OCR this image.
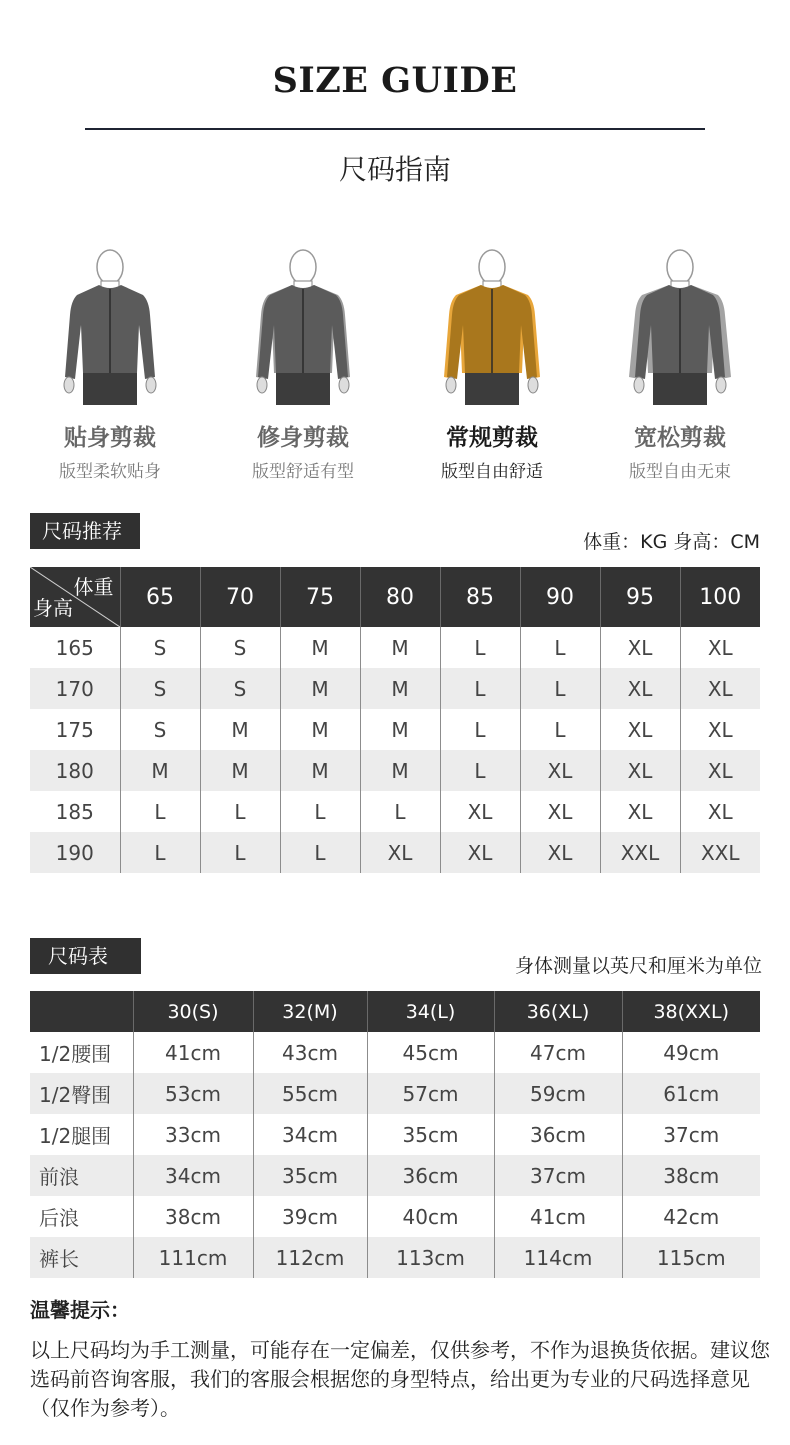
SIZE GUIDE
尺码指南
贴身剪裁
版型柔软贴身
修身剪裁
版型舒适有型
常规剪裁
版型自由舒适
宽松剪裁
版型自由无束
尺码推荐	体重：KG 身高：CM
体重
身高	65	70	75	80	85	90	95	100
165	S	S	M	M	L	L	XL	XL
170	S	S	M	M	L	L	XL	XL
175	S	M	M	M	L	L	XL	XL
180	M	M	M	M	L	XL	XL	XL
185	L	L	L	L	XL	XL	XL	XL
190	L	L	L	XL	XL	XL	XXL	XXL
尺码表	身体测量以英尺和厘米为单位
	30(S)	32(M)	34(L)	36(XL)	38(XXL)
1/2腰围	41cm	43cm	45cm	47cm	49cm
1/2臀围	53cm	55cm	57cm	59cm	61cm
1/2腿围	33cm	34cm	35cm	36cm	37cm
前浪	34cm	35cm	36cm	37cm	38cm
后浪	38cm	39cm	40cm	41cm	42cm
裤长	111cm	112cm	113cm	114cm	115cm
温馨提示：
以上尺码均为手工测量，可能存在一定偏差，仅供参考，不作为退换货依据。建议您选码前咨询客服，我们的客服会根据您的身型特点，给出更为专业的尺码选择意见（仅作为参考）。
